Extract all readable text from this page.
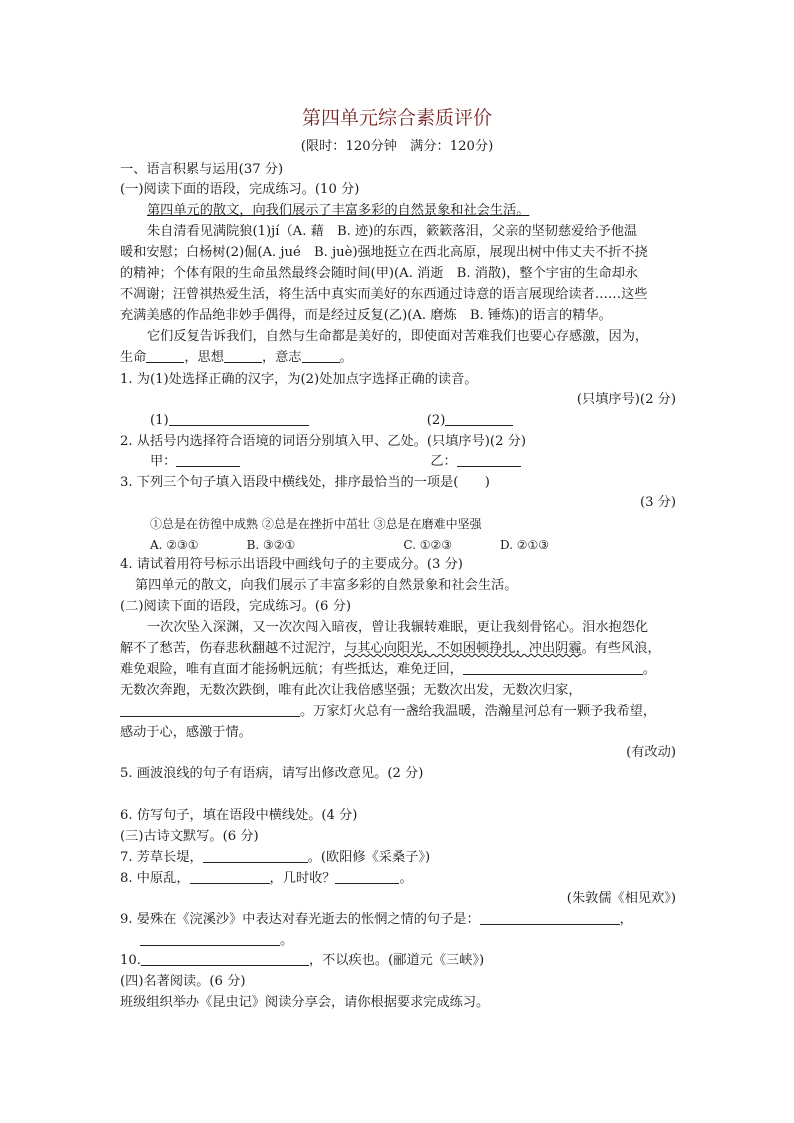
第四单元综合素质评价
(限时：120分钟　满分：120分)
一、语言积累与运用(37 分)
(一)阅读下面的语段，完成练习。(10 分)
第四单元的散文，向我们展示了丰富多彩的自然景象和社会生活。
朱自清看见满院狼(1)jí（A. 藉　B. 迹)的东西，簌簌落泪，父亲的坚韧慈爱给予他温
暖和安慰；白杨树(2)倔(A. jué　B. juè)强地挺立在西北高原，展现出树中伟丈夫不折不挠
的精神；个体有限的生命虽然最终会随时间(甲)(A. 消逝　B. 消散)，整个宇宙的生命却永
不凋谢；汪曾祺热爱生活，将生活中真实而美好的东西通过诗意的语言展现给读者……这些
充满美感的作品绝非妙手偶得，而是经过反复(乙)(A. 磨炼　B. 锤炼)的语言的精华。
它们反复告诉我们，自然与生命都是美好的，即使面对苦难我们也要心存感激，因为，
生命	，思想	，意志	。
1. 为(1)处选择正确的汉字，为(2)处加点字选择正确的读音。
(只填序号)(2 分)
(1)	(2)
2. 从括号内选择符合语境的词语分别填入甲、乙处。(只填序号)(2 分)
甲：	乙：
3. 下列三个句子填入语段中横线处，排序最恰当的一项是(　　)
(3 分)
①总是在彷徨中成熟 ②总是在挫折中茁壮 ③总是在磨难中坚强
A. ②③①	B. ③②①	C. ①②③	D. ②①③
4. 请试着用符号标示出语段中画线句子的主要成分。(3 分)
第四单元的散文，向我们展示了丰富多彩的自然景象和社会生活。
(二)阅读下面的语段，完成练习。(6 分)
一次次坠入深渊，又一次次闯入暗夜，曾让我辗转难眠，更让我刻骨铭心。泪水抱怨化
解不了愁苦，伤春悲秋翻越不过泥泞，与其心向阳光，不如困顿挣扎，冲出阴霾。有些风浪，
难免艰险，唯有直面才能扬帆远航；有些抵达，难免迂回，	。
无数次奔跑，无数次跌倒，唯有此次让我倍感坚强；无数次出发，无数次归家，
。万家灯火总有一盏给我温暖，浩瀚星河总有一颗予我希望，
感动于心，感激于情。
(有改动)
5. 画波浪线的句子有语病，请写出修改意见。(2 分)
6. 仿写句子，填在语段中横线处。(4 分)
(三)古诗文默写。(6 分)
7. 芳草长堤，	。(欧阳修《采桑子》)
8. 中原乱，	，几时收？	。
(朱敦儒《相见欢》)
9. 晏殊在《浣溪沙》中表达对春光逝去的怅惘之情的句子是：	，
。
10.	，不以疾也。(郦道元《三峡》)
(四)名著阅读。(6 分)
班级组织举办《昆虫记》阅读分享会，请你根据要求完成练习。
